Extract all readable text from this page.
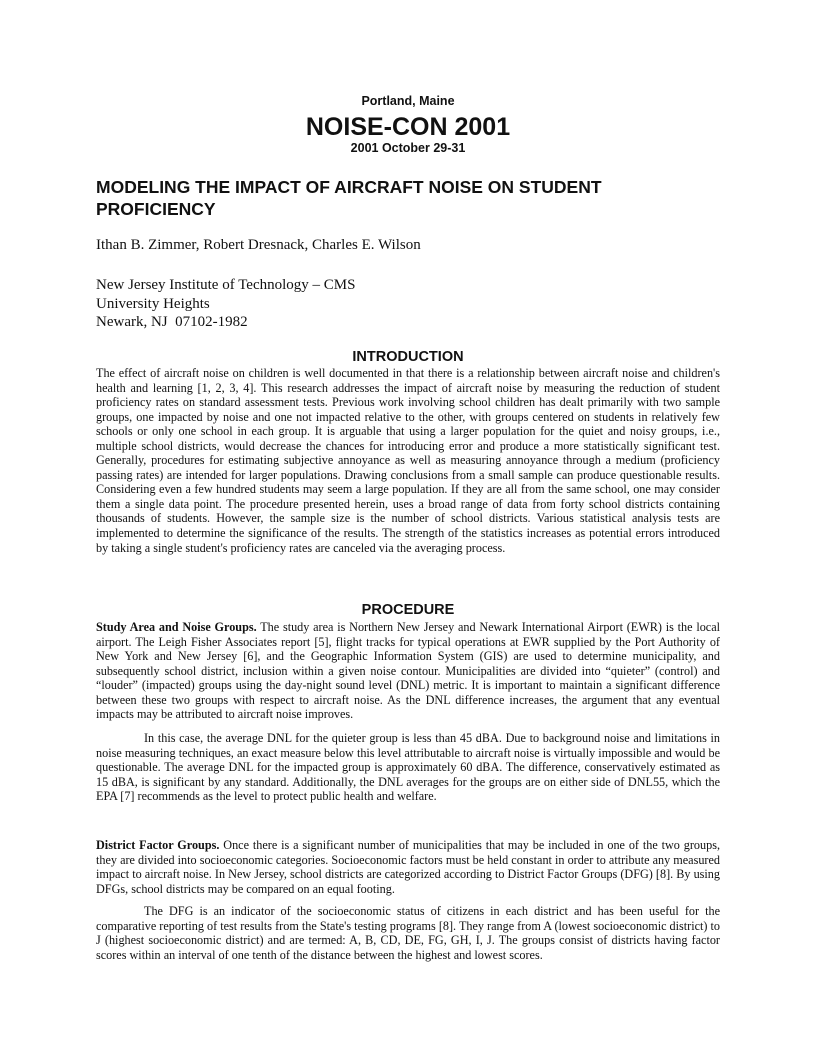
Portland, Maine
NOISE-CON 2001
2001 October 29-31
MODELING THE IMPACT OF AIRCRAFT NOISE ON STUDENT PROFICIENCY
Ithan B. Zimmer, Robert Dresnack, Charles E. Wilson
New Jersey Institute of Technology – CMS
University Heights
Newark, NJ  07102-1982
INTRODUCTION

The effect of aircraft noise on children is well documented in that there is a relationship between aircraft noise and children's health and learning [1, 2, 3, 4]. This research addresses the impact of aircraft noise by measuring the reduction of student proficiency rates on standard assessment tests. Previous work involving school children has dealt primarily with two sample groups, one impacted by noise and one not impacted relative to the other, with groups centered on students in relatively few schools or only one school in each group. It is arguable that using a larger population for the quiet and noisy groups, i.e., multiple school districts, would decrease the chances for introducing error and produce a more statistically significant test. Generally, procedures for estimating subjective annoyance as well as measuring annoyance through a medium (proficiency passing rates) are intended for larger populations. Drawing conclusions from a small sample can produce questionable results. Considering even a few hundred students may seem a large population. If they are all from the same school, one may consider them a single data point. The procedure presented herein, uses a broad range of data from forty school districts containing thousands of students. However, the sample size is the number of school districts. Various statistical analysis tests are implemented to determine the significance of the results. The strength of the statistics increases as potential errors introduced by taking a single student's proficiency rates are canceled via the averaging process.

PROCEDURE

Study Area and Noise Groups. The study area is Northern New Jersey and Newark International Airport (EWR) is the local airport. The Leigh Fisher Associates report [5], flight tracks for typical operations at EWR supplied by the Port Authority of New York and New Jersey [6], and the Geographic Information System (GIS) are used to determine municipality, and subsequently school district, inclusion within a given noise contour. Municipalities are divided into “quieter” (control) and “louder” (impacted) groups using the day-night sound level (DNL) metric. It is important to maintain a significant difference between these two groups with respect to aircraft noise. As the DNL difference increases, the argument that any eventual impacts may be attributed to aircraft noise improves.

In this case, the average DNL for the quieter group is less than 45 dBA. Due to background noise and limitations in noise measuring techniques, an exact measure below this level attributable to aircraft noise is virtually impossible and would be questionable. The average DNL for the impacted group is approximately 60 dBA. The difference, conservatively estimated as 15 dBA, is significant by any standard. Additionally, the DNL averages for the groups are on either side of DNL55, which the EPA [7] recommends as the level to protect public health and welfare.

District Factor Groups. Once there is a significant number of municipalities that may be included in one of the two groups, they are divided into socioeconomic categories. Socioeconomic factors must be held constant in order to attribute any measured impact to aircraft noise. In New Jersey, school districts are categorized according to District Factor Groups (DFG) [8]. By using DFGs, school districts may be compared on an equal footing.

The DFG is an indicator of the socioeconomic status of citizens in each district and has been useful for the comparative reporting of test results from the State's testing programs [8]. They range from A (lowest socioeconomic district) to J (highest socioeconomic district) and are termed: A, B, CD, DE, FG, GH, I, J. The groups consist of districts having factor scores within an interval of one tenth of the distance between the highest and lowest scores.
